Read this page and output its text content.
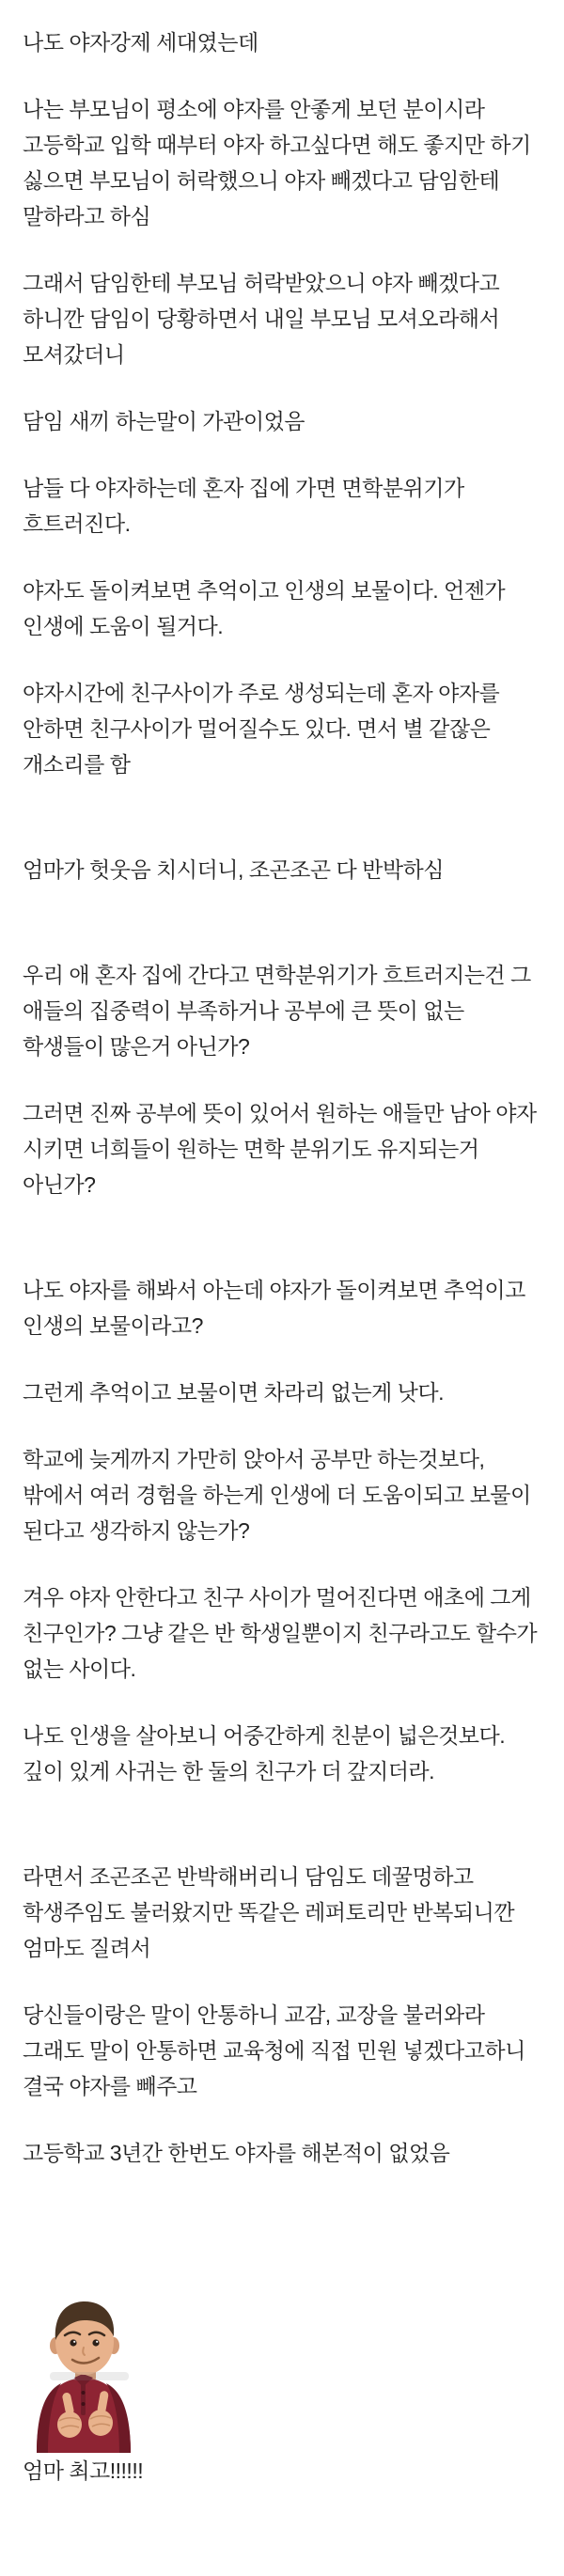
나도 야자강제 세대였는데

나는 부모님이 평소에 야자를 안좋게 보던 분이시라 고등학교 입학 때부터 야자 하고싶다면 해도 좋지만 하기 싫으면 부모님이 허락했으니 야자 빼겠다고 담임한테 말하라고 하심

그래서 담임한테 부모님 허락받았으니 야자 빼겠다고 하니깐 담임이 당황하면서 내일 부모님 모셔오라해서 모셔갔더니

담임 새끼 하는말이 가관이었음

남들 다 야자하는데 혼자 집에 가면 면학분위기가 흐트러진다.

야자도 돌이켜보면 추억이고 인생의 보물이다. 언젠가 인생에 도움이 될거다.

야자시간에 친구사이가 주로 생성되는데 혼자 야자를 안하면 친구사이가 멀어질수도 있다. 면서 별 같잖은 개소리를 함

엄마가 헛웃음 치시더니, 조곤조곤 다 반박하심

우리 애 혼자 집에 간다고 면학분위기가 흐트러지는건 그 애들의 집중력이 부족하거나 공부에 큰 뜻이 없는 학생들이 많은거 아닌가?

그러면 진짜 공부에 뜻이 있어서 원하는 애들만 남아 야자 시키면 너희들이 원하는 면학 분위기도 유지되는거 아닌가?

나도 야자를 해봐서 아는데 야자가 돌이켜보면 추억이고 인생의 보물이라고?

그런게 추억이고 보물이면 차라리 없는게 낫다.

학교에 늦게까지 가만히 앉아서 공부만 하는것보다, 밖에서 여러 경험을 하는게 인생에 더 도움이되고 보물이 된다고 생각하지 않는가?

겨우 야자 안한다고 친구 사이가 멀어진다면 애초에 그게 친구인가? 그냥 같은 반 학생일뿐이지 친구라고도 할수가 없는 사이다.

나도 인생을 살아보니 어중간하게 친분이 넓은것보다. 깊이 있게 사귀는 한 둘의 친구가 더 갚지더라.

라면서 조곤조곤 반박해버리니 담임도 데꿀멍하고 학생주임도 불러왔지만 똑같은 레퍼토리만 반복되니깐 엄마도 질려서

당신들이랑은 말이 안통하니 교감, 교장을 불러와라 그래도 말이 안통하면 교육청에 직접 민원 넣겠다고하니 결국 야자를 빼주고

고등학교 3년간 한번도 야자를 해본적이 없었음

엄마 최고!!!!!!
